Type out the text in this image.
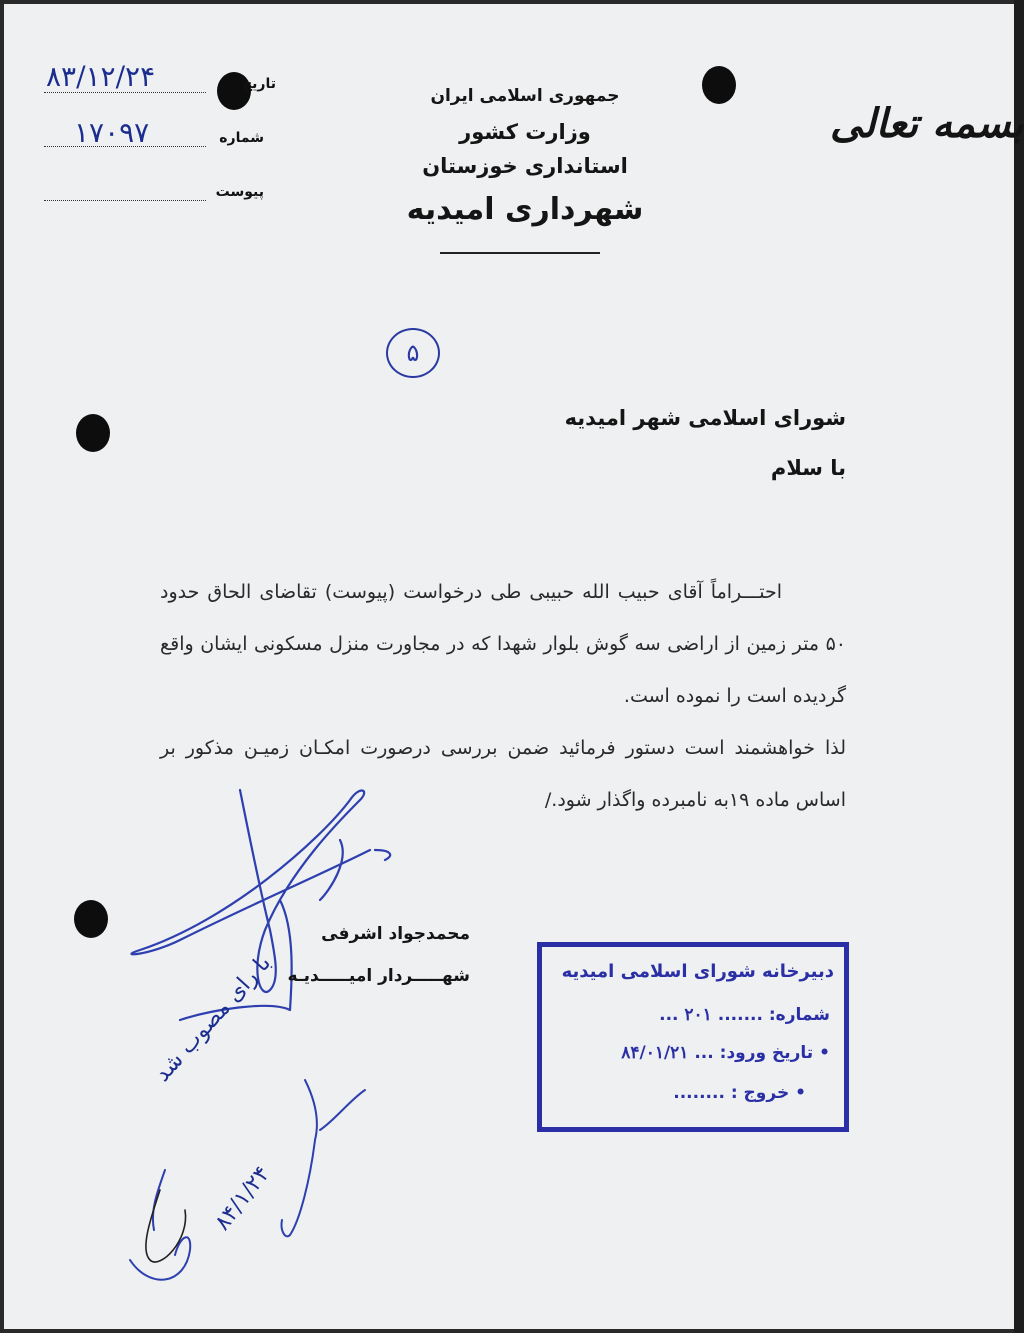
تاریخ
۸۳/۱۲/۲۴
شماره
۱۷۰۹۷
پیوست
جمهوری اسلامی ایران
وزارت کشور
استانداری خوزستان
شهرداری امیدیه
بسمه تعالی
۵
شورای اسلامی شهر امیدیه
با سلام

احتـــراماً آقای حبیب الله حبیبی طی درخواست (پیوست) تقاضای الحاق حدود ۵۰ متر زمین از اراضی سه گوش بلوار شهدا که در مجاورت منزل مسکونی ایشان واقع گردیده است را نموده است.

لذا خواهشمند است دستور فرمائید ضمن بررسی درصورت امکـان زمیـن مذکور بر اساس ماده ۱۹به نامبرده واگذار شود./

محمدجواد اشرفی
شهـــــردار امیـــــدیـه	دبیرخانه شورای اسلامی امیدیه
شماره: ....... ۲۰۱ ...
• تاریخ ورود: ... ۸۴/۰۱/۲۱
• خروج : ........
با رای مصوب شد
۸۴/۱/۲۴
